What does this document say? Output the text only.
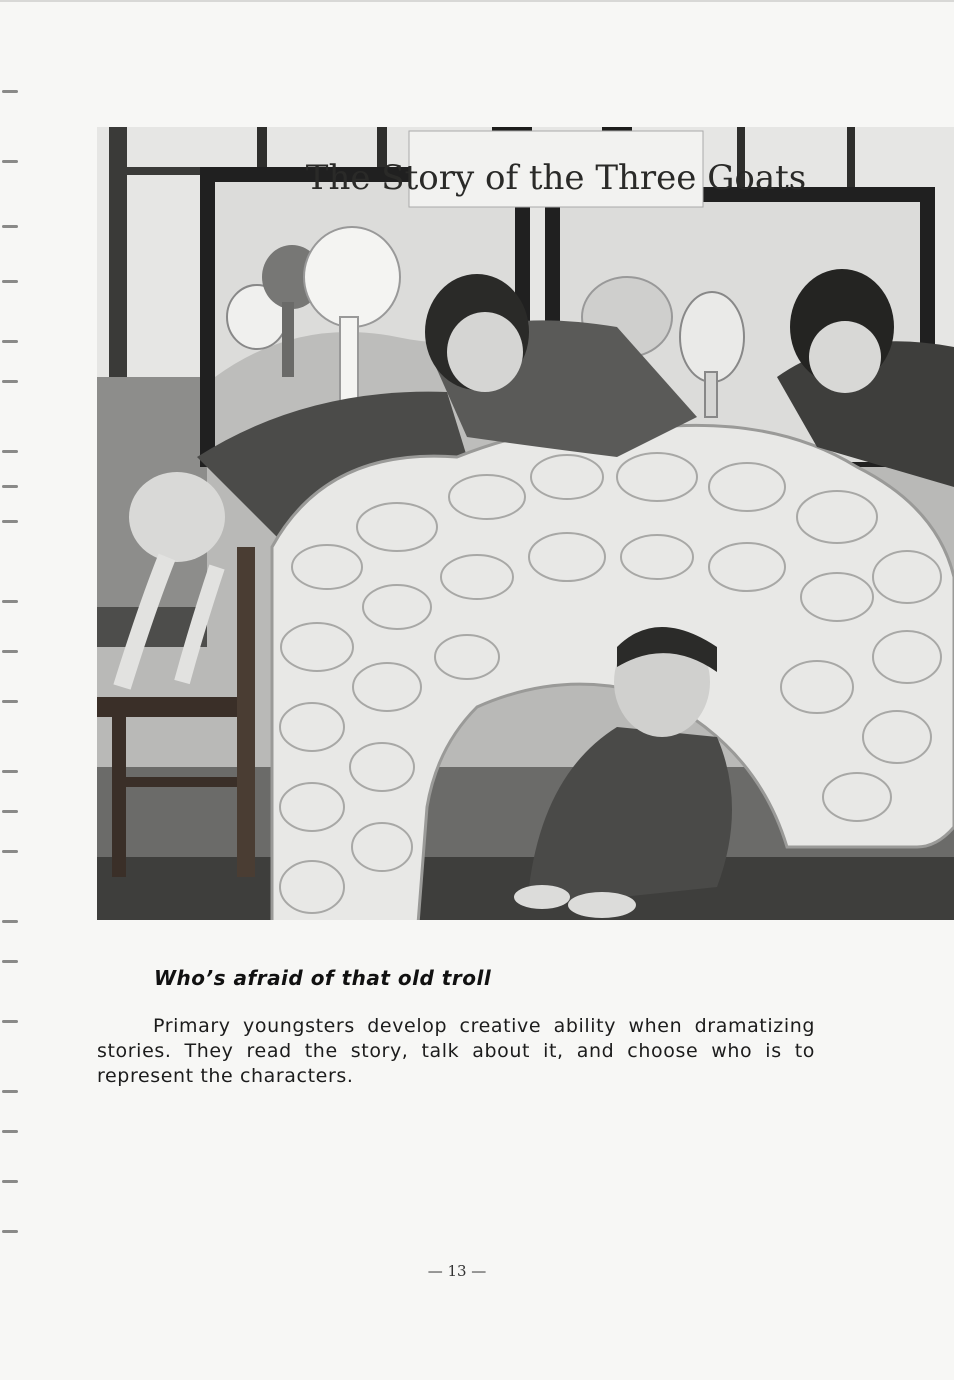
The Story of the Three Goats
Who’s afraid of that old troll

Primary youngsters develop creative ability when dramatizing stories. They read the story, talk about it, and choose who is to represent the characters.

— 13 —
